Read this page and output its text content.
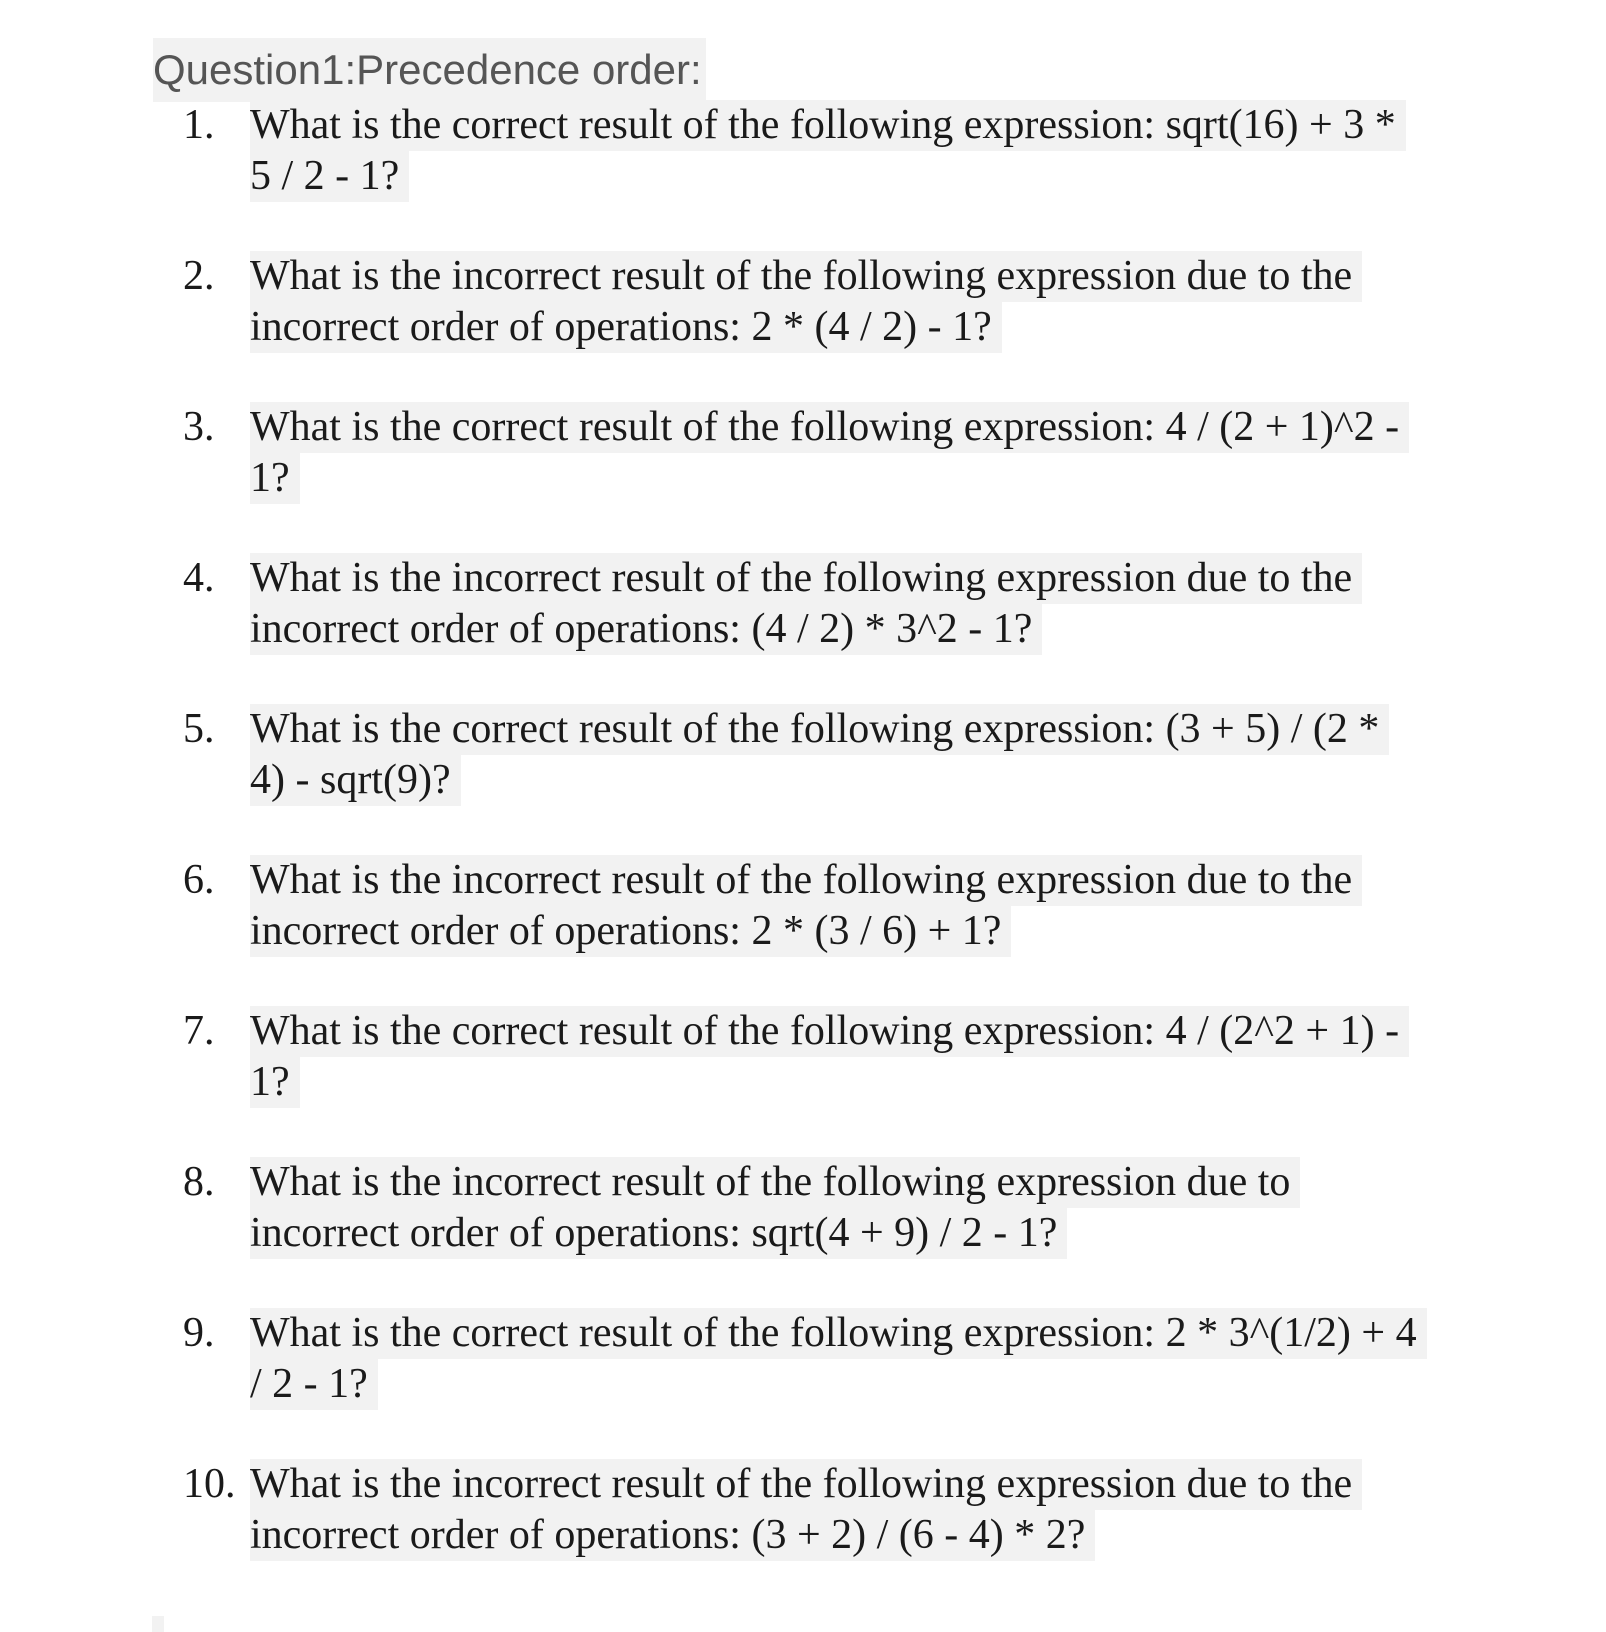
Question1:Precedence order:
1. What is the correct result of the following expression: sqrt(16) + 3 *
5 / 2 - 1?
2. What is the incorrect result of the following expression due to the
incorrect order of operations: 2 * (4 / 2) - 1?
3. What is the correct result of the following expression: 4 / (2 + 1)^2 -
1?
4. What is the incorrect result of the following expression due to the
incorrect order of operations: (4 / 2) * 3^2 - 1?
5. What is the correct result of the following expression: (3 + 5) / (2 *
4) - sqrt(9)?
6. What is the incorrect result of the following expression due to the
incorrect order of operations: 2 * (3 / 6) + 1?
7. What is the correct result of the following expression: 4 / (2^2 + 1) -
1?
8. What is the incorrect result of the following expression due to
incorrect order of operations: sqrt(4 + 9) / 2 - 1?
9. What is the correct result of the following expression: 2 * 3^(1/2) + 4
/ 2 - 1?
10. What is the incorrect result of the following expression due to the
incorrect order of operations: (3 + 2) / (6 - 4) * 2?
